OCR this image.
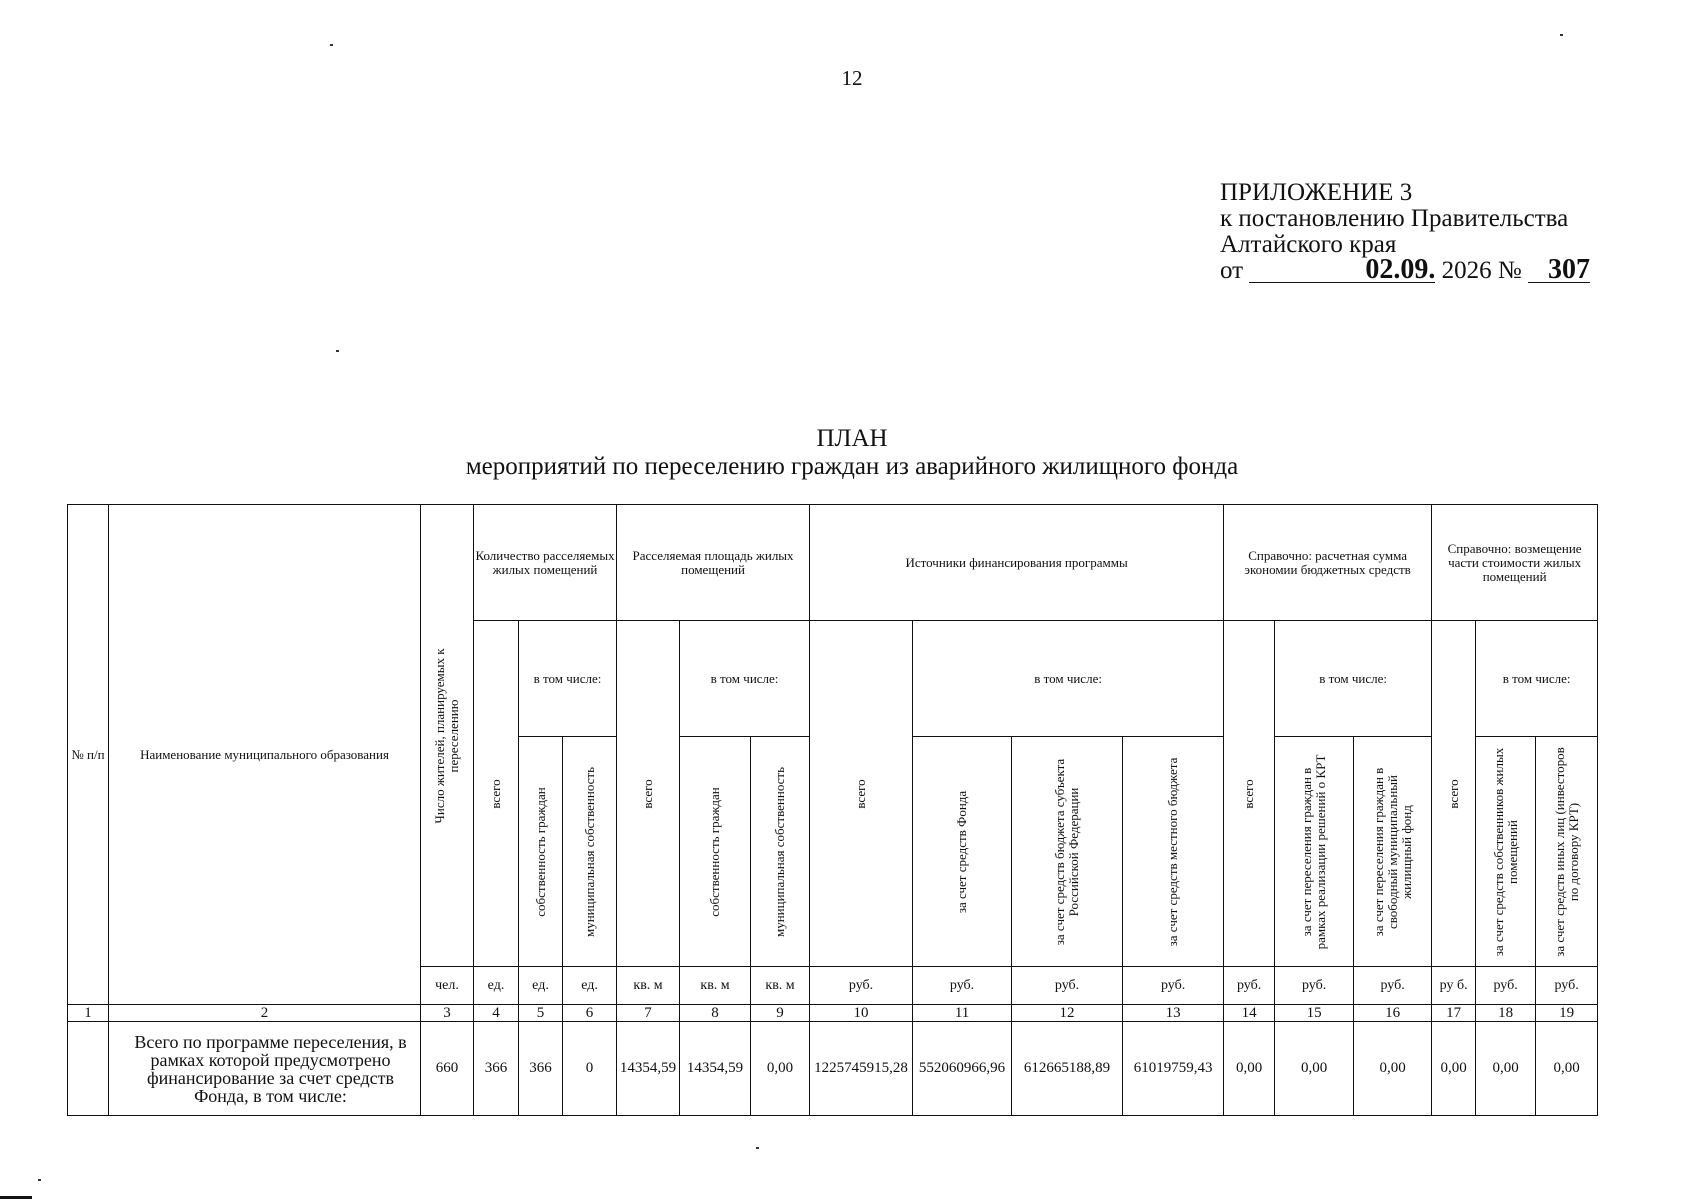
12
ПРИЛОЖЕНИЕ 3
к постановлению Правительства
Алтайского края
от	02.09. 2026 № 307
ПЛАН
мероприятий по переселению граждан из аварийного жилищного фонда
№ п/п	Наименование муниципального образования	Число жителей, планируемых к переселению	Количество расселяемых жилых помещений			Расселяемая площадь жилых помещений			Источники финансирования программы				Справочно: расчетная сумма экономии бюджетных средств			Справочно: возмещение части стоимости жилых помещений		

			всего	в том числе:		всего	в том числе:		всего	в том числе:			всего	в том числе:		всего	в том числе:	

				собственность граждан	муниципальная собственность		собственность граждан	муниципальная собственность		за счет средств Фонда	за счет средств бюджета субъекта Российской Федерации	за счет средств местного бюджета		за счет переселения граждан в рамках реализации решений о КРТ	за счет переселения граждан в свободный муниципальный жилищный фонд		за счет средств собственников жилых помещений	за счет средств иных лиц (инвесторов по договору КРТ)

		чел.	ед.	ед.	ед.	кв. м	кв. м	кв. м	руб.	руб.	руб.	руб.	руб.	руб.	руб.	ру б.	руб.	руб.
1	2	3	4	5	6	7	8	9	10	11	12	13	14	15	16	17	18	19
	Всего по программе переселения, в рамках которой предусмотрено финансирование за счет средств Фонда, в том числе:	660	366	366	0	14354,59	14354,59	0,00	1225745915,28	552060966,96	612665188,89	61019759,43	0,00	0,00	0,00	0,00	0,00	0,00
